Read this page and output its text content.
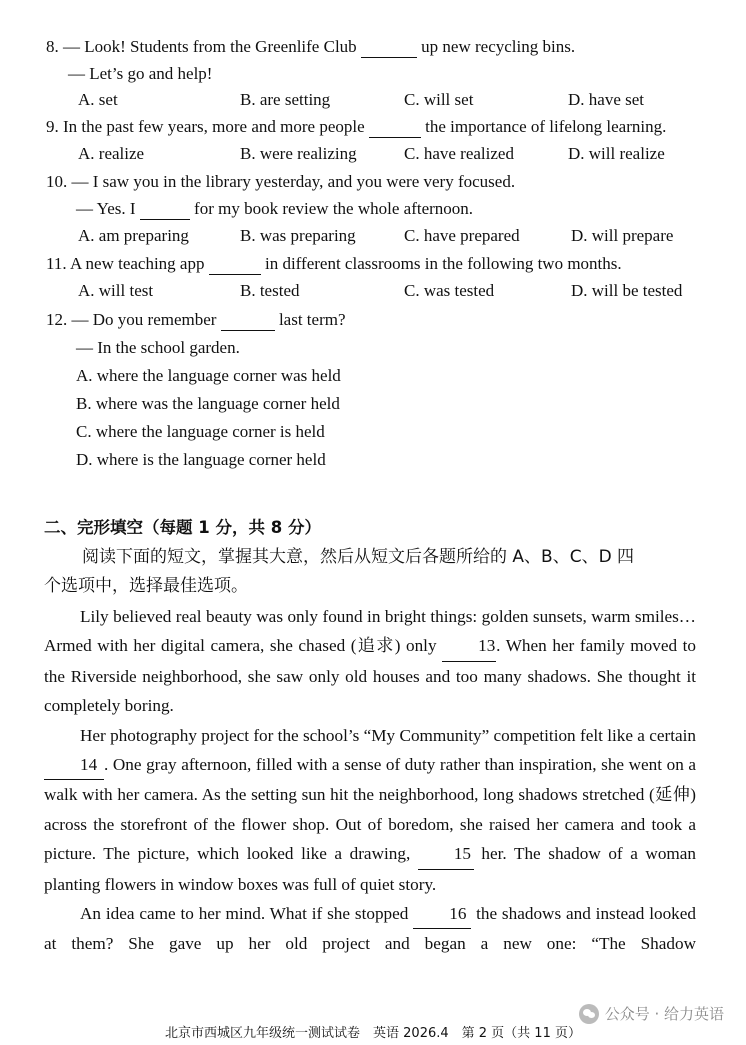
8. — Look! Students from the Greenlife Club	up new recycling bins.
— Let’s go and help!
A. set	B. are setting	C. will set	D. have set
9. In the past few years, more and more people	the importance of lifelong learning.
A. realize	B. were realizing	C. have realized	D. will realize
10. — I saw you in the library yesterday, and you were very focused.
— Yes. I	for my book review the whole afternoon.
A. am preparing	B. was preparing	C. have prepared	D. will prepare
11. A new teaching app	in different classrooms in the following two months.
A. will test	B. tested	C. was tested	D. will be tested
12. — Do you remember	last term?
— In the school garden.
A. where the language corner was held
B. where was the language corner held
C. where the language corner is held
D. where is the language corner held
二、完形填空（每题 1 分，共 8 分）
阅读下面的短文，掌握其大意，然后从短文后各题所给的 A、B、C、D 四
个选项中，选择最佳选项。

Lily believed real beauty was only found in bright things: golden sunsets, warm smiles… Armed with her digital camera, she chased (追求) only 13. When her family moved to the Riverside neighborhood, she saw only old houses and too many shadows. She thought it completely boring.

Her photography project for the school’s “My Community” competition felt like a certain 14 . One gray afternoon, filled with a sense of duty rather than inspiration, she went on a walk with her camera. As the setting sun hit the neighborhood, long shadows stretched (延伸) across the storefront of the flower shop. Out of boredom, she raised her camera and took a picture. The picture, which looked like a drawing,	15 her. The shadow of a woman planting flowers in window boxes was full of quiet story.

An idea came to her mind. What if she stopped 16 the shadows and instead looked at them? She gave up her old project and began a new one: “The Shadow

公众号 · 给力英语
北京市西城区九年级统一测试试卷　英语 2026.4　第 2 页（共 11 页）
